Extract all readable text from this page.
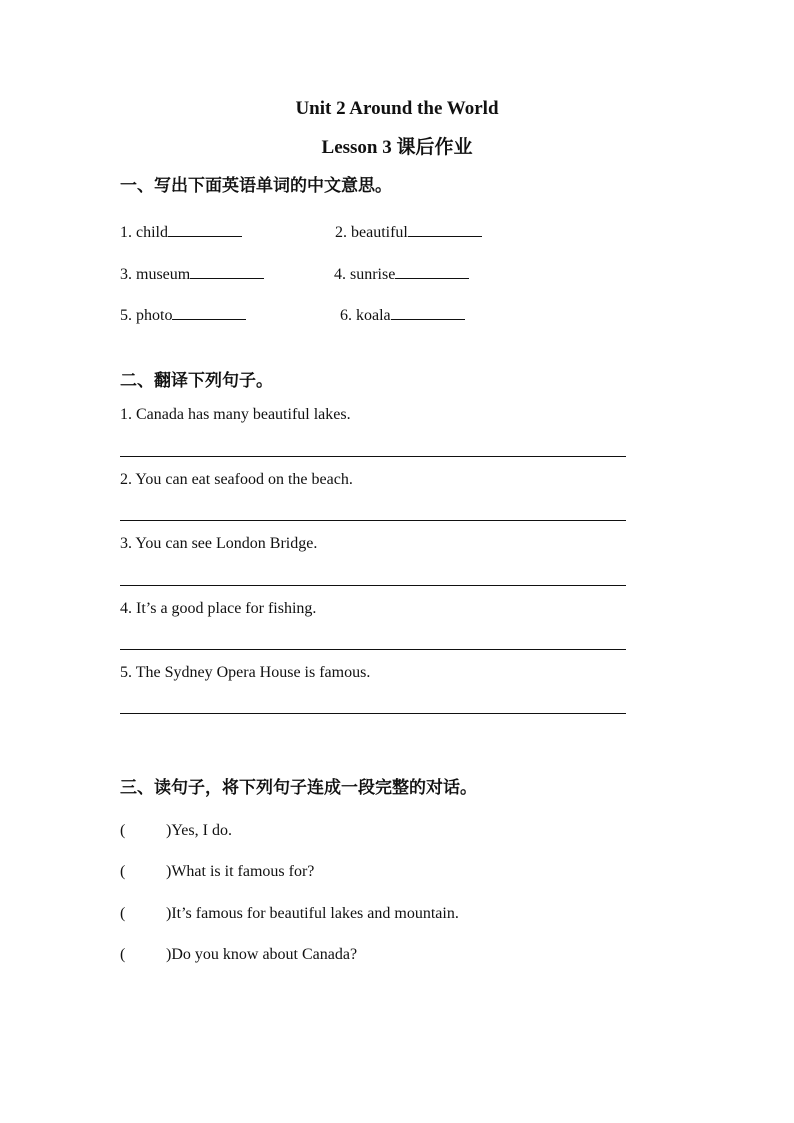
Unit 2 Around the World
Lesson 3 课后作业
一、写出下面英语单词的中文意思。
1. child	2. beautiful
3. museum	4. sunrise
5. photo	6. koala
二、翻译下列句子。
1. Canada has many beautiful lakes.
2. You can eat seafood on the beach.
3. You can see London Bridge.
4. It’s a good place for fishing.
5. The Sydney Opera House is famous.
三、读句子，将下列句子连成一段完整的对话。
(	)Yes, I do.
(	)What is it famous for?
(	)It’s famous for beautiful lakes and mountain.
(	)Do you know about Canada?
